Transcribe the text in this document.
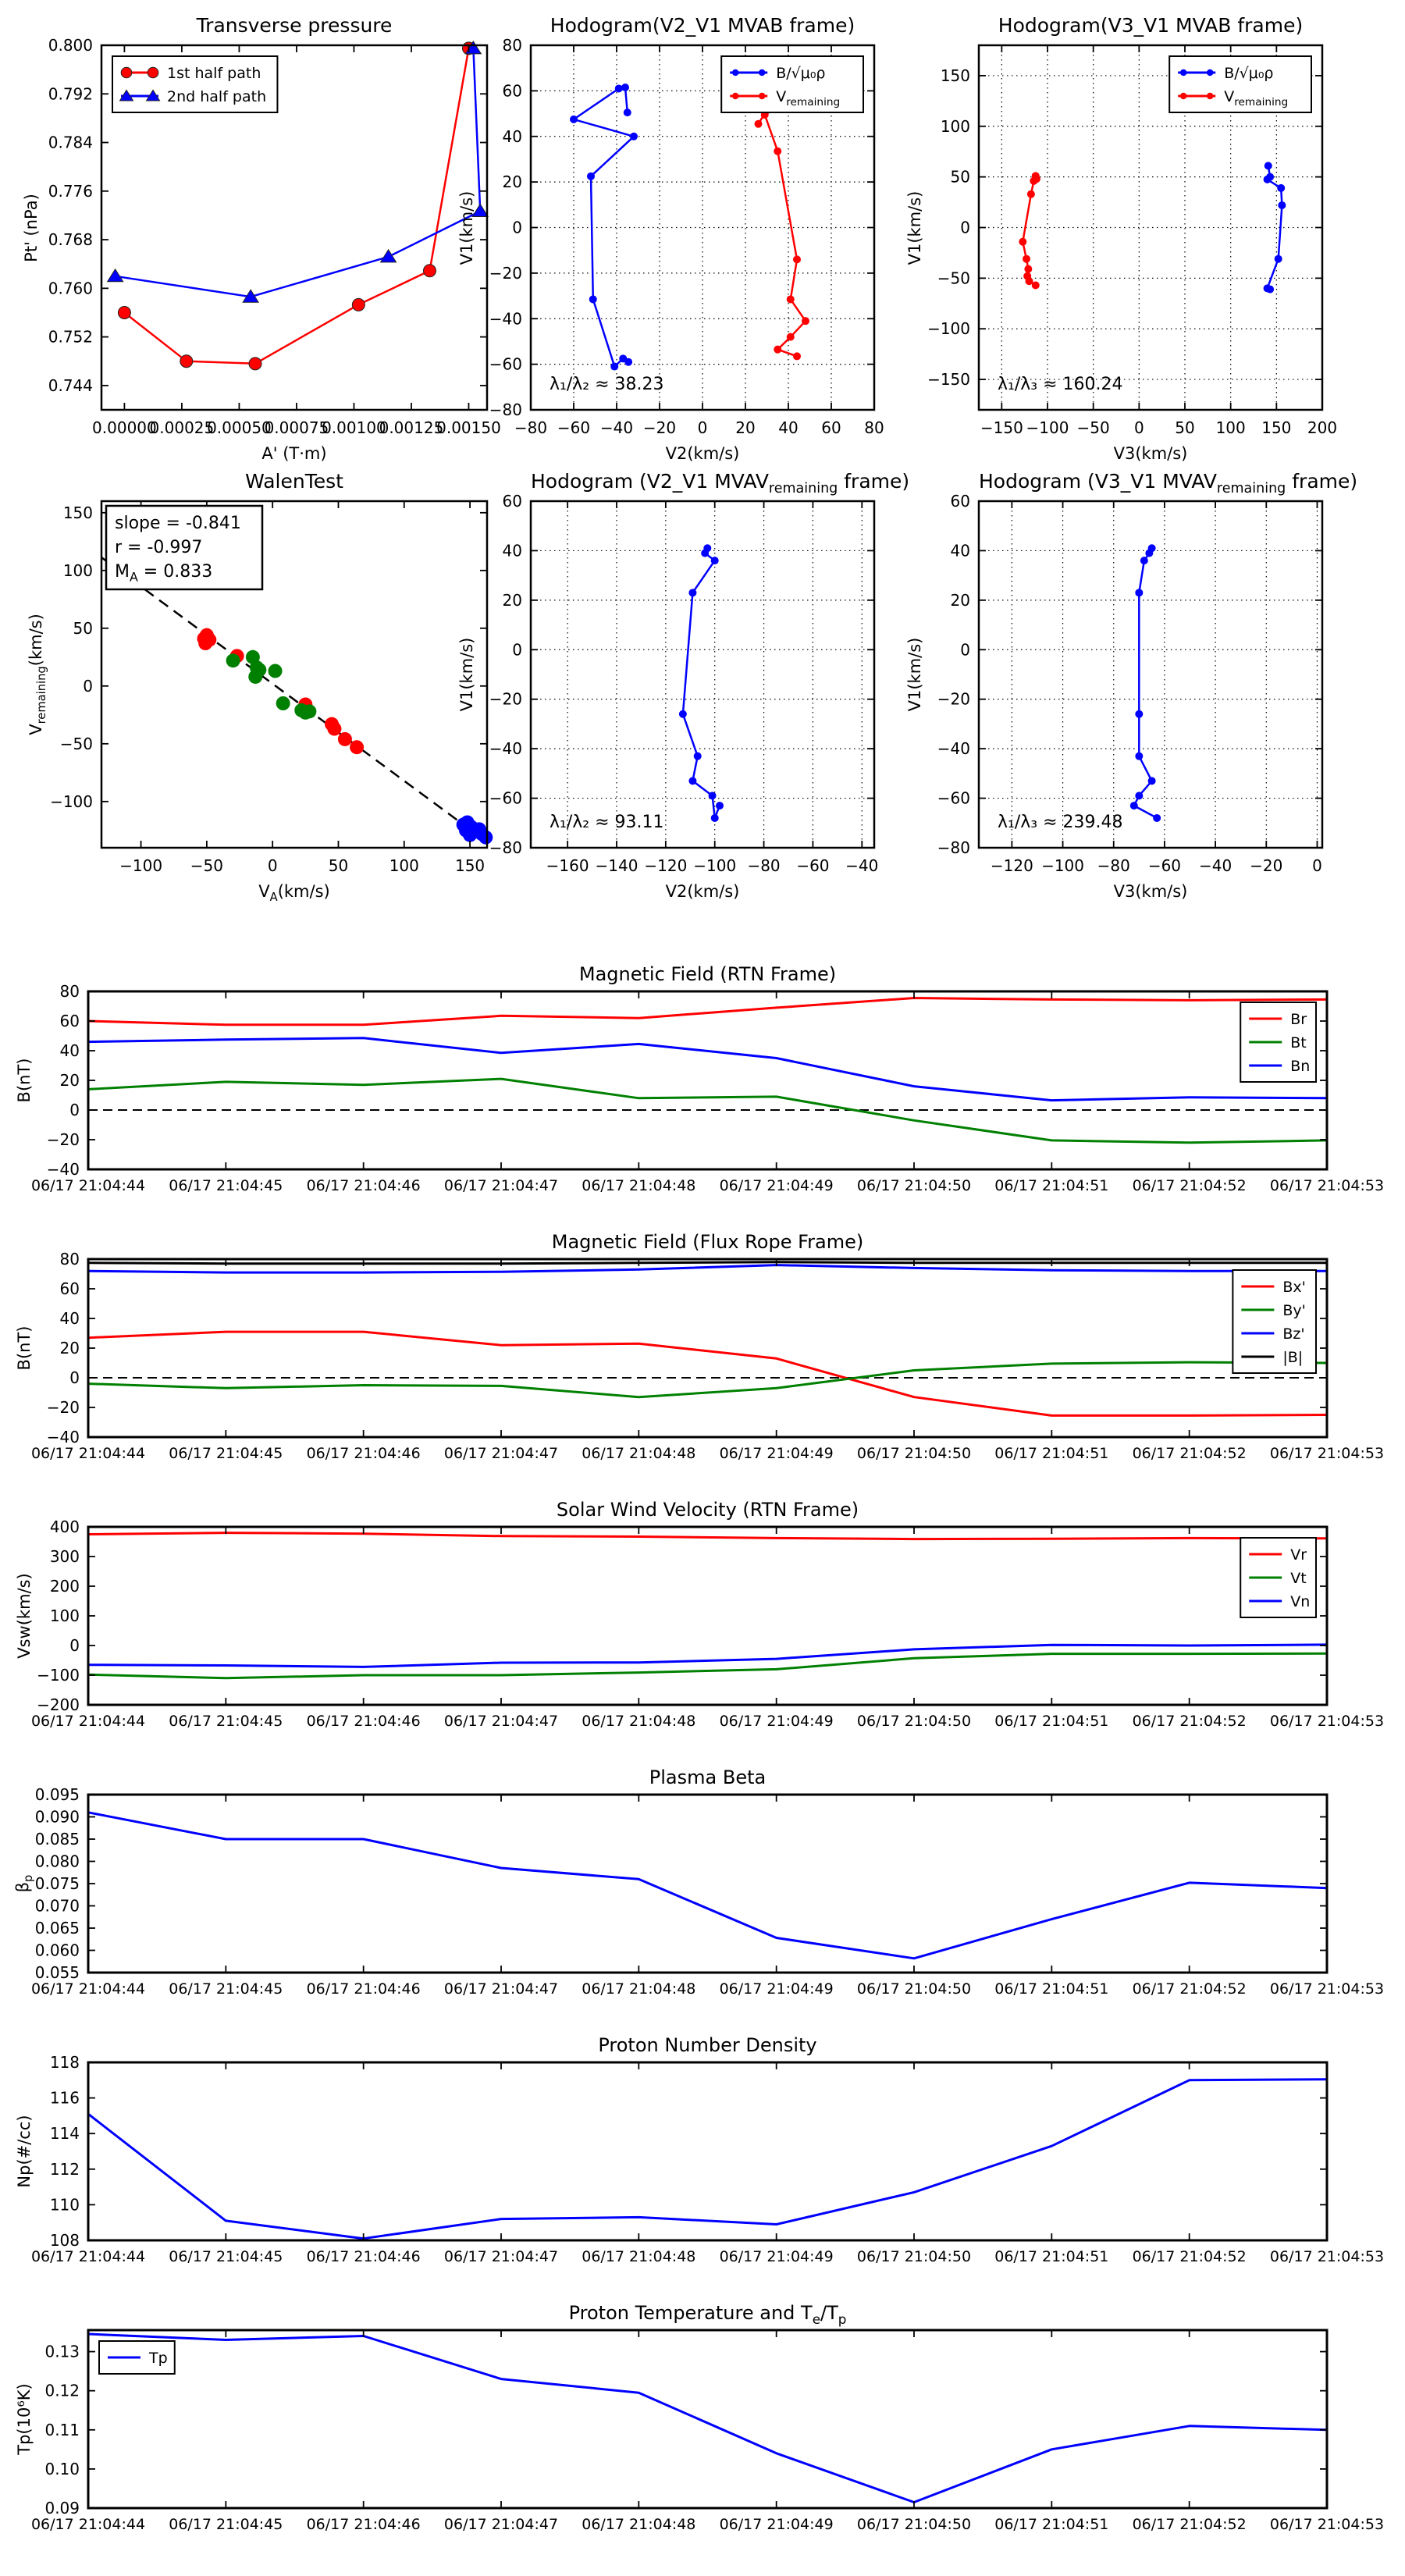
Transverse pressure
Pt' (nPa)
A' (T·m)
0.00000
0.00025
0.00050
0.00075
0.00100
0.00125
0.00150
0.744
0.752
0.760
0.768
0.776
0.784
0.792
0.800
1st half path
2nd half path
Hodogram(V2_V1 MVAB frame)
V1(km/s)
V2(km/s)
−80 −60 −40 −20 0 20 40 60 80
−80
−60
−40
−20
0
20
40
60
80
λ₁/λ₂ ≈ 38.23
B/√μ₀ρ
$V_{remaining}$
Hodogram(V3_V1 MVAB frame)
V1(km/s)
V3(km/s)
−150 −100 −50 0 50 100 150 200
−150
−100
−50
0
50
100
150
λ₁/λ₃ ≈ 160.24
B/√μ₀ρ
$V_{remaining}$
WalenTest
$V_{remaining}(km/s)$
$V_A(km/s)$
−100 −50	0	50	100 150
−100
−50
0
50
100
150
slope = -0.841
r = -0.997
$M_A = 0.833$
Hodogram (V2_V1 $MVAV_{remaining}$ frame)
V1(km/s)
V2(km/s)
−160 −140 −120 −100 −80 −60 −40
−80
−60
−40
−20
0
20
40
60
λ₁/λ₂ ≈ 93.11
Hodogram (V3_V1 $MVAV_{remaining}$ frame)
V1(km/s)
V3(km/s)
−120 −100 −80 −60 −40 −20 0
−80
−60
−40
−20
0
20
40
60
λ₁/λ₃ ≈ 239.48
Magnetic Field (RTN Frame)
B(nT)
06/17 21:04:44 06/17 21:04:45 06/17 21:04:46 06/17 21:04:47 06/17 21:04:48 06/17 21:04:49 06/17 21:04:50 06/17 21:04:51 06/17 21:04:52 06/17 21:04:53
−40
−20
0
20
40
60
80
Br
Bt
Bn
Magnetic Field (Flux Rope Frame)
B(nT)
06/17 21:04:44 06/17 21:04:45 06/17 21:04:46 06/17 21:04:47 06/17 21:04:48 06/17 21:04:49 06/17 21:04:50 06/17 21:04:51 06/17 21:04:52 06/17 21:04:53
−40
−20
0
20
40
60
80
Bx'
By'
Bz'
|B|
Solar Wind Velocity (RTN Frame)
Vsw(km/s)
06/17 21:04:44 06/17 21:04:45 06/17 21:04:46 06/17 21:04:47 06/17 21:04:48 06/17 21:04:49 06/17 21:04:50 06/17 21:04:51 06/17 21:04:52 06/17 21:04:53
−200
−100
0
100
200
300
400
Vr
Vt
Vn
Plasma Beta
$\beta_p$
06/17 21:04:44 06/17 21:04:45 06/17 21:04:46 06/17 21:04:47 06/17 21:04:48 06/17 21:04:49 06/17 21:04:50 06/17 21:04:51 06/17 21:04:52 06/17 21:04:53
0.055
0.060
0.065
0.070
0.075
0.080
0.085
0.090
0.095
Proton Number Density
Np(#/cc)
06/17 21:04:44 06/17 21:04:45 06/17 21:04:46 06/17 21:04:47 06/17 21:04:48 06/17 21:04:49 06/17 21:04:50 06/17 21:04:51 06/17 21:04:52 06/17 21:04:53
108
110
112
114
116
118
Proton Temperature and $T_e/T_p$
Tp(10⁶K)
06/17 21:04:44 06/17 21:04:45 06/17 21:04:46 06/17 21:04:47 06/17 21:04:48 06/17 21:04:49 06/17 21:04:50 06/17 21:04:51 06/17 21:04:52 06/17 21:04:53
0.09
0.10
0.11
0.12
0.13	Tp
